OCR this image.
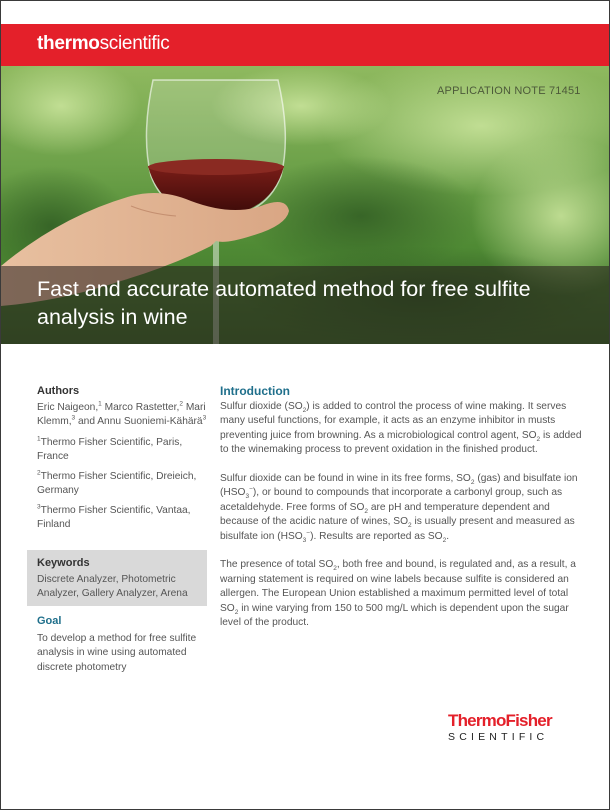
thermoscientific
APPLICATION NOTE 71451
Fast and accurate automated method for free sulfite analysis in wine
Authors
Eric Naigeon,$^1$ Marco Rastetter,$^2$ Mari Klemm,$^3$ and Annu Suoniemi-Kähärä$^3$
$^1$Thermo Fisher Scientific, Paris, France
$^2$Thermo Fisher Scientific, Dreieich, Germany
$^3$Thermo Fisher Scientific, Vantaa, Finland
Keywords
Discrete Analyzer, Photometric Analyzer, Gallery Analyzer, Arena
Goal
To develop a method for free sulfite analysis in wine using automated discrete photometry
Introduction

Sulfur dioxide $(SO_2)$ is added to control the process of wine making. It serves many useful functions, for example, it acts as an enzyme inhibitor in musts preventing juice from browning. As a microbiological control agent, $SO_2$ is added to the winemaking process to prevent oxidation in the finished product.

Sulfur dioxide can be found in wine in its free forms, $SO_2$ (gas) and bisulfate ion $(HSO_3^-)$, or bound to compounds that incorporate a carbonyl group, such as acetaldehyde. Free forms of $SO_2$ are pH and temperature dependent and because of the acidic nature of wines, $SO_2$ is usually present and measured as bisulfate ion $(HSO_3^-)$. Results are reported as $SO_2$.

The presence of total $SO_2$, both free and bound, is regulated and, as a result, a warning statement is required on wine labels because sulfite is considered an allergen. The European Union established a maximum permitted level of total $SO_2$ in wine varying from 150 to 500 mg/L which is dependent upon the sugar level of the product.

ThermoFisher
SCIENTIFIC
